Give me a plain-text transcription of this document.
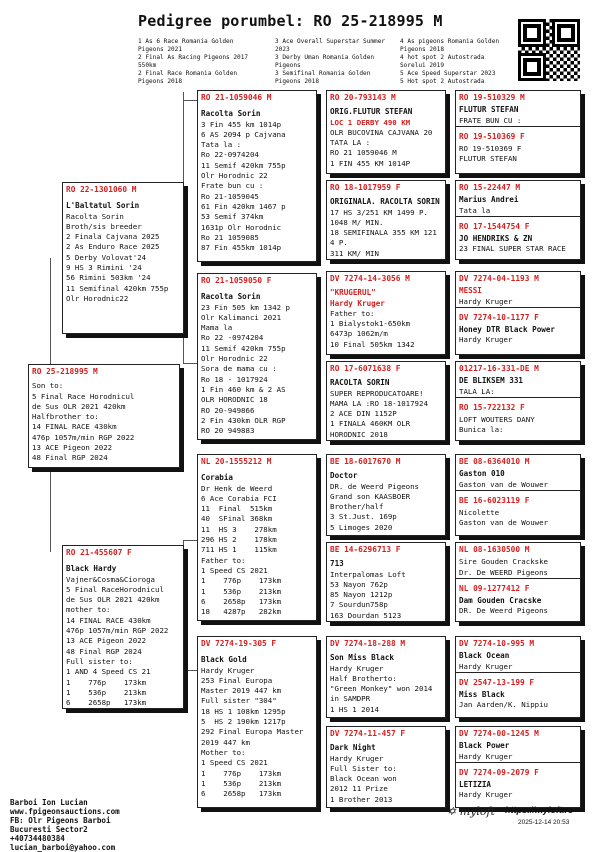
Pedigree porumbel: RO 25-218995 M
1 As 6 Race Romania Golden
Pigeons 2021
2 Final As Racing Pigeons 2017
550km
2 Final Race Romania Golden
Pigeons 2018
3 Ace Overall Superstar Summer
2023
3 Derby Uman Romania Golden
Pigeons
3 Semifinal Romania Golden
Pigeons 2018
4 As pigeons Romania Golden
Pigeons 2018
4 hot spot 2 Autostrada
Sorelui 2019
5 Ace Speed Superstar 2023
5 Hot spot 2 Autostrada
RO 25-218995 M
Son to:
5 Final Race Horodnicul
de Sus OLR 2021 420km
Halfbrother to:
14 FINAL RACE 430km
476p 1057m/min RGP 2022
13 ACE Pigeon 2022
48 Final RGP 2024
RO 22-1301060 M
L'Baltatul Sorin
Racolta Sorin
Broth/sis breeder
2 Finala Cajvana 2025
2 As Enduro Race 2025
5 Derby Volovat'24
9 HS 3 Rimini '24
56 Rimini 503km '24
11 Semifinal 420km 755p
Olr Horodnic22
RO 21-455607 F
Black Hardy
Vajner&Cosma&Cioroga
5 Final RaceHorodnicul
de Sus OLR 2021 420km
mother to:
14 FINAL RACE 430km
476p 1057m/min RGP 2022
13 ACE Pigeon 2022
48 Final RGP 2024
Full sister to:
1 AND 4 Speed CS 21
1    776p    173km
1    536p    213km
6    2658p   173km
RO 21-1059046 M
Racolta Sorin
3 Fin 455 km 1014p
6 AS 2094 p Cajvana
Tata la :
Ro 22-0974204
11 Semif 420km 755p
Olr Horodnic 22
Frate bun cu :
Ro 21-1059045
61 Fin 420km 1467 p
53 Semif 374km
1631p Olr Horodnic
Ro 21 1059085
87 Fin 455km 1014p
RO 21-1059050 F
Racolta Sorin
23 Fin 505 km 1342 p
Olr Kalimanci 2021
Mama la
Ro 22 -0974204
11 Semif 420km 755p
Olr Horodnic 22
Sora de mama cu :
Ro 18 - 1017924
1 Fin 460 km & 2 AS
OLR HORODNIC 18
RO 20-949866
2 Fin 430km OLR RGP
RO 20 949883
NL 20-1555212 M
Corabia
Dr Henk de Weerd
6 Ace Corabia FCI
11  Final  515km
40  SFinal 368km
11  HS 3    278km
296 HS 2    178km
711 HS 1    115km
Father to:
1 Speed CS 2021
1    776p    173km
1    536p    213km
6    2658p   173km
18   4287p   282km
DV 7274-19-305 F
Black Gold
Hardy Kruger
253 Final Europa
Master 2019 447 km
Full sister "304"
18 HS 1 108km 1295p
5  HS 2 190km 1217p
292 Final Europa Master
2019 447 km
Mother to:
1 Speed CS 2021
1    776p    173km
1    536p    213km
6    2658p   173km
RO 20-793143 M
ORIG.FLUTUR STEFAN
LOC 1 DERBY 490 KM
OLR BUCOVINA CAJVANA 20
TATA LA :
RO 21 1059046 M
1 FIN 455 KM 1014P
RO 18-1017959 F
ORIGINALA. RACOLTA SORIN
17 HS 3/251 KM 1499 P.
1048 M/ MIN.
18 SEMIFINALA 355 KM 121
4 P.
311 KM/ MIN
DV 7274-14-3056 M
"KRUGERUL"
Hardy Kruger
Father to:
1 Bialystok1-650km
6473p 1062m/m
10 Final 505km 1342
RO 17-6071638 F
RACOLTA SORIN
SUPER REPRODUCATOARE!
MAMA LA :RO 18-1017924
2 ACE DIN 1152P
1 FINALA 460KM OLR
HORODNIC 2018
BE 18-6017670 M
Doctor
DR. de Weerd Pigeons
Grand son KAASBOER
Brother/half
3 St.Just. 169p
5 Limoges 2020
BE 14-6296713 F
713
Interpalomas Loft
53 Nayon 762p
85 Nayon 1212p
7 Sourdun758p
163 Dourdan 5123
DV 7274-18-288 M
Son Miss Black
Hardy Kruger
Half Brotherto:
"Green Monkey" won 2014
in SAMDPR
1 HS 1 2014
DV 7274-11-457 F
Dark Night
Hardy Kruger
Full Sister to:
Black Ocean won
2012 11 Prize
1 Brother 2013
RO 19-510329 M
FLUTUR STEFAN
FRATE BUN CU :
RO 19-510369 F
RO 19-510369 F
FLUTUR STEFAN
RO 15-22447 M
Marius Andrei
Tata la
RO 17-1544754 F
JO HENDRIKS & ZN
23 FINAL SUPER STAR RACE
DV 7274-04-1193 M
MESSI
Hardy Kruger
DV 7274-10-1177 F
Honey DTR Black Power
Hardy Kruger
01217-16-331-DE M
DE BLIKSEM 331
TALA LA:
RO 15-722132 F
LOFT WOUTERS DANY
Bunica la:
BE 08-6364010 M
Gaston 010
Gaston van de Wouwer
BE 16-6023119 F
Nicolette
Gaston van de Wouwer
NL 08-1630500 M
Sire Gouden Crackske
Dr. De WEERD Pigeons
NL 09-1277412 F
Dam Gouden Cracske
DR. De Weerd Pigeons
DV 7274-10-995 M
Black Ocean
Hardy Kruger
DV 2547-13-199 F
Miss Black
Jan Aarden/K. Nippiu
DV 7274-00-1245 M
Black Power
Hardy Kruger
DV 7274-09-2079 F
LETIZIA
Hardy Kruger
Barboi Ion Lucian
www.fpigeonsauctions.com
FB: Olr Pigeons Barboi
Bucuresti Sector2
+40734480384
lucian_barboi@yahoo.com
✡ myloft https://myloft.ro
2025-12-14 20:53
